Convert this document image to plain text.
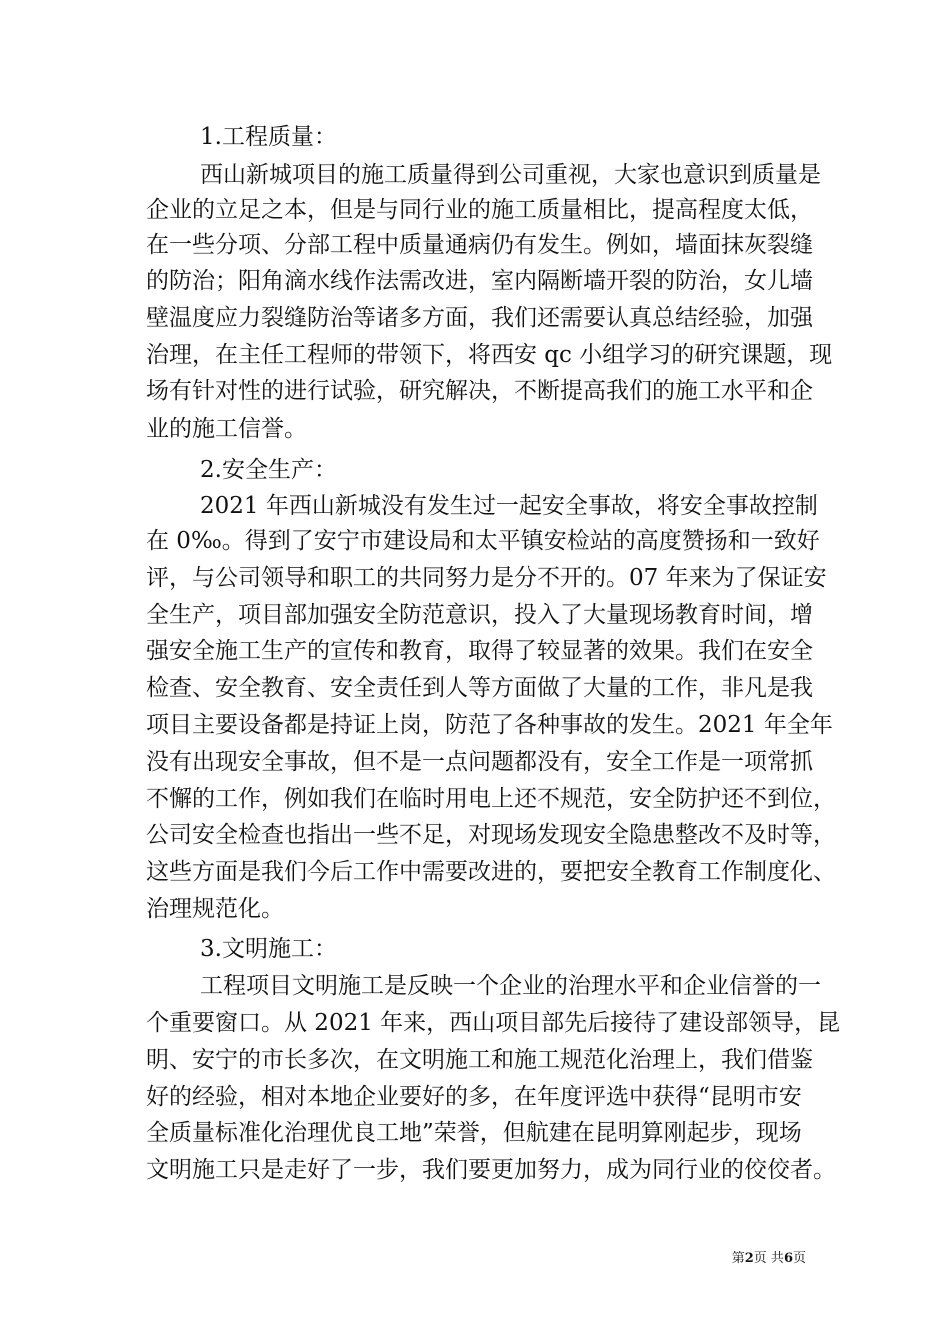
1.工程质量：
西山新城项目的施工质量得到公司重视，大家也意识到质量是
企业的立足之本，但是与同行业的施工质量相比，提高程度太低，
在一些分项、分部工程中质量通病仍有发生。例如，墙面抹灰裂缝
的防治；阳角滴水线作法需改进，室内隔断墙开裂的防治，女儿墙
壁温度应力裂缝防治等诸多方面，我们还需要认真总结经验，加强
治理，在主任工程师的带领下，将西安 qc 小组学习的研究课题，现
场有针对性的进行试验，研究解决，不断提高我们的施工水平和企
业的施工信誉。
2.安全生产：
2021 年西山新城没有发生过一起安全事故，将安全事故控制
在 0‰。得到了安宁市建设局和太平镇安检站的高度赞扬和一致好
评，与公司领导和职工的共同努力是分不开的。07 年来为了保证安
全生产，项目部加强安全防范意识，投入了大量现场教育时间，增
强安全施工生产的宣传和教育，取得了较显著的效果。我们在安全
检查、安全教育、安全责任到人等方面做了大量的工作，非凡是我
项目主要设备都是持证上岗，防范了各种事故的发生。2021 年全年
没有出现安全事故，但不是一点问题都没有，安全工作是一项常抓
不懈的工作，例如我们在临时用电上还不规范，安全防护还不到位，
公司安全检查也指出一些不足，对现场发现安全隐患整改不及时等，
这些方面是我们今后工作中需要改进的，要把安全教育工作制度化、
治理规范化。
3.文明施工：
工程项目文明施工是反映一个企业的治理水平和企业信誉的一
个重要窗口。从 2021 年来，西山项目部先后接待了建设部领导，昆
明、安宁的市长多次，在文明施工和施工规范化治理上，我们借鉴
好的经验，相对本地企业要好的多，在年度评选中获得“昆明市安
全质量标准化治理优良工地”荣誉，但航建在昆明算刚起步，现场
文明施工只是走好了一步，我们要更加努力，成为同行业的佼佼者。
第2页 共6页
